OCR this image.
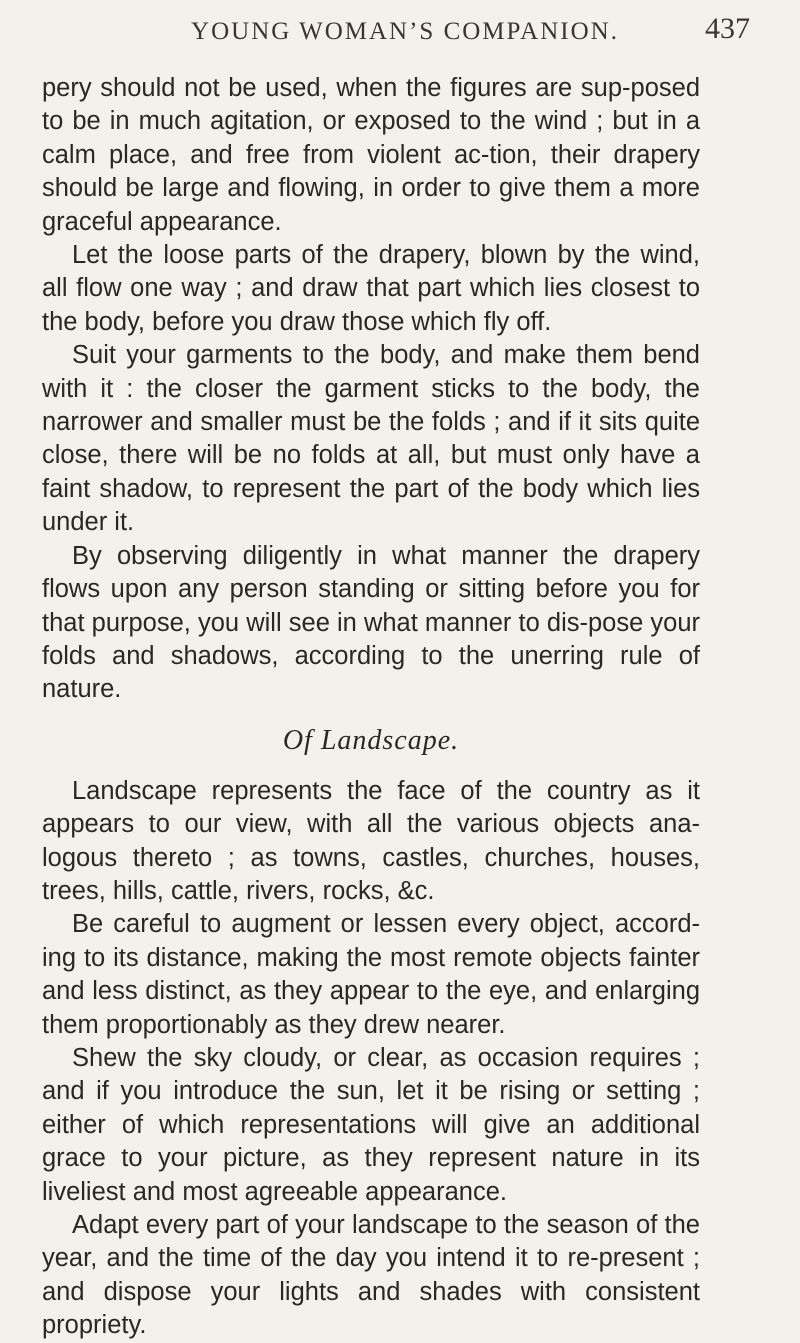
YOUNG WOMAN’S COMPANION.	437

pery should not be used, when the figures are sup-posed to be in much agitation, or exposed to the wind ; but in a calm place, and free from violent ac-tion, their drapery should be large and flowing, in order to give them a more graceful appearance.

Let the loose parts of the drapery, blown by the wind, all flow one way ; and draw that part which lies closest to the body, before you draw those which fly off.

Suit your garments to the body, and make them bend with it : the closer the garment sticks to the body, the narrower and smaller must be the folds ; and if it sits quite close, there will be no folds at all, but must only have a faint shadow, to represent the part of the body which lies under it.

By observing diligently in what manner the drapery flows upon any person standing or sitting before you for that purpose, you will see in what manner to dis-pose your folds and shadows, according to the unerring rule of nature.

Of Landscape.

Landscape represents the face of the country as it appears to our view, with all the various objects ana-logous thereto ; as towns, castles, churches, houses, trees, hills, cattle, rivers, rocks, &c.

Be careful to augment or lessen every object, accord-ing to its distance, making the most remote objects fainter and less distinct, as they appear to the eye, and enlarging them proportionably as they drew nearer.

Shew the sky cloudy, or clear, as occasion requires ; and if you introduce the sun, let it be rising or setting ; either of which representations will give an additional grace to your picture, as they represent nature in its liveliest and most agreeable appearance.

Adapt every part of your landscape to the season of the year, and the time of the day you intend it to re-present ; and dispose your lights and shades with consistent propriety.
